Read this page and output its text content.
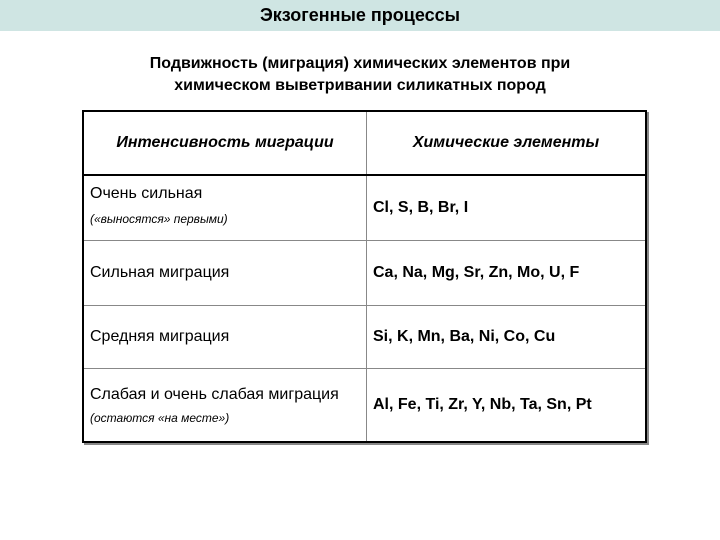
Экзогенные процессы
Подвижность (миграция) химических элементов при
химическом выветривании силикатных пород
Интенсивность миграции	Химические элементы

Очень сильная
(«выносятся» первыми)	Cl, S, B, Br, I
Сильная миграция	Ca, Na, Mg, Sr, Zn, Mo, U, F
Средняя миграция	Si, K, Mn, Ba, Ni, Co, Cu
Слабая и очень слабая миграция
(остаются «на месте»)	Al, Fe, Ti, Zr, Y, Nb, Ta, Sn, Pt
